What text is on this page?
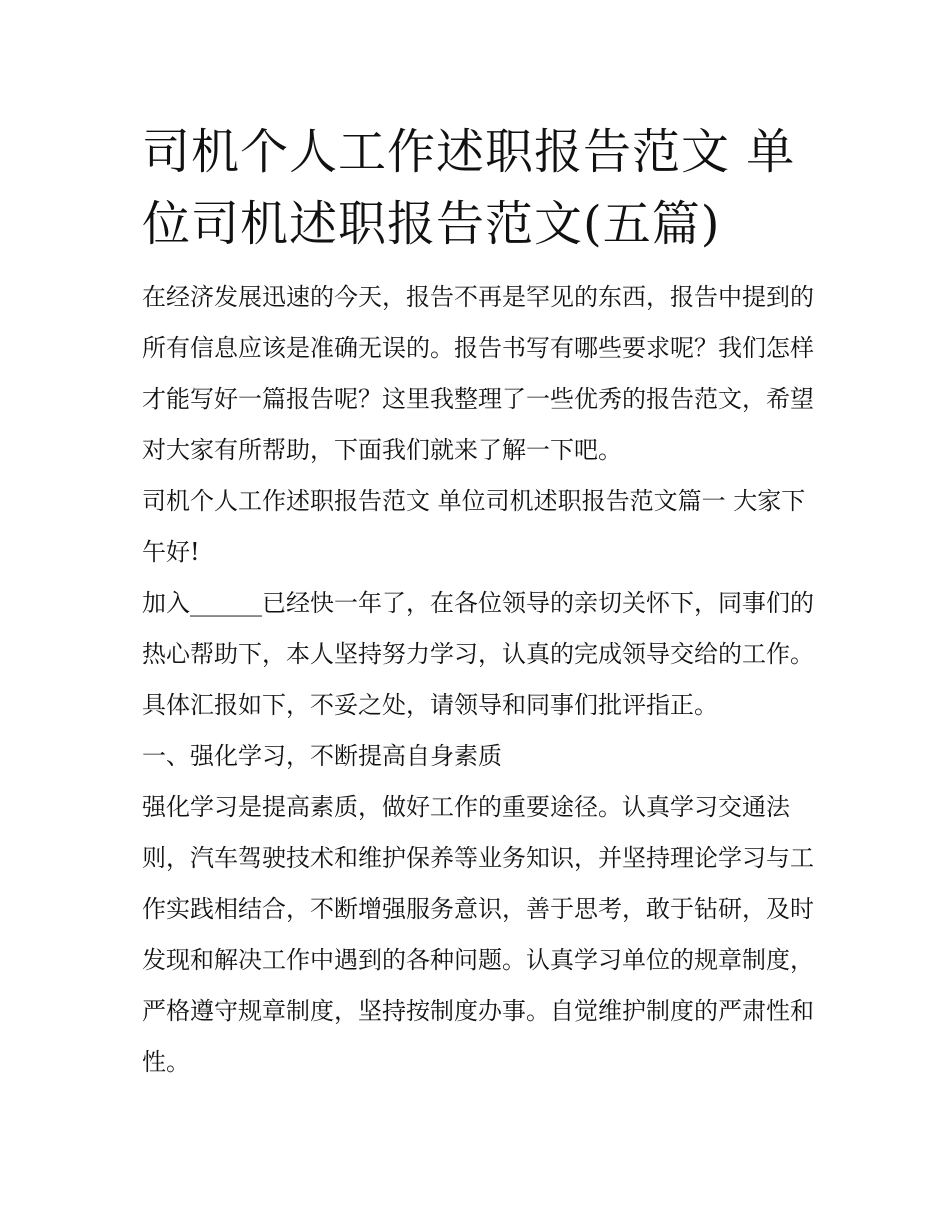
司机个人工作述职报告范文 单位司机述职报告范文(五篇)

在经济发展迅速的今天，报告不再是罕见的东西，报告中提到的所有信息应该是准确无误的。报告书写有哪些要求呢？我们怎样才能写好一篇报告呢？这里我整理了一些优秀的报告范文，希望对大家有所帮助，下面我们就来了解一下吧。

司机个人工作述职报告范文 单位司机述职报告范文篇一 大家下午好!

加入______已经快一年了，在各位领导的亲切关怀下，同事们的热心帮助下，本人坚持努力学习，认真的完成领导交给的工作。具体汇报如下，不妥之处，请领导和同事们批评指正。

一、强化学习，不断提高自身素质

强化学习是提高素质，做好工作的重要途径。认真学习交通法则，汽车驾驶技术和维护保养等业务知识，并坚持理论学习与工作实践相结合，不断增强服务意识，善于思考，敢于钻研，及时发现和解决工作中遇到的各种问题。认真学习单位的规章制度，严格遵守规章制度，坚持按制度办事。自觉维护制度的严肃性和性。
